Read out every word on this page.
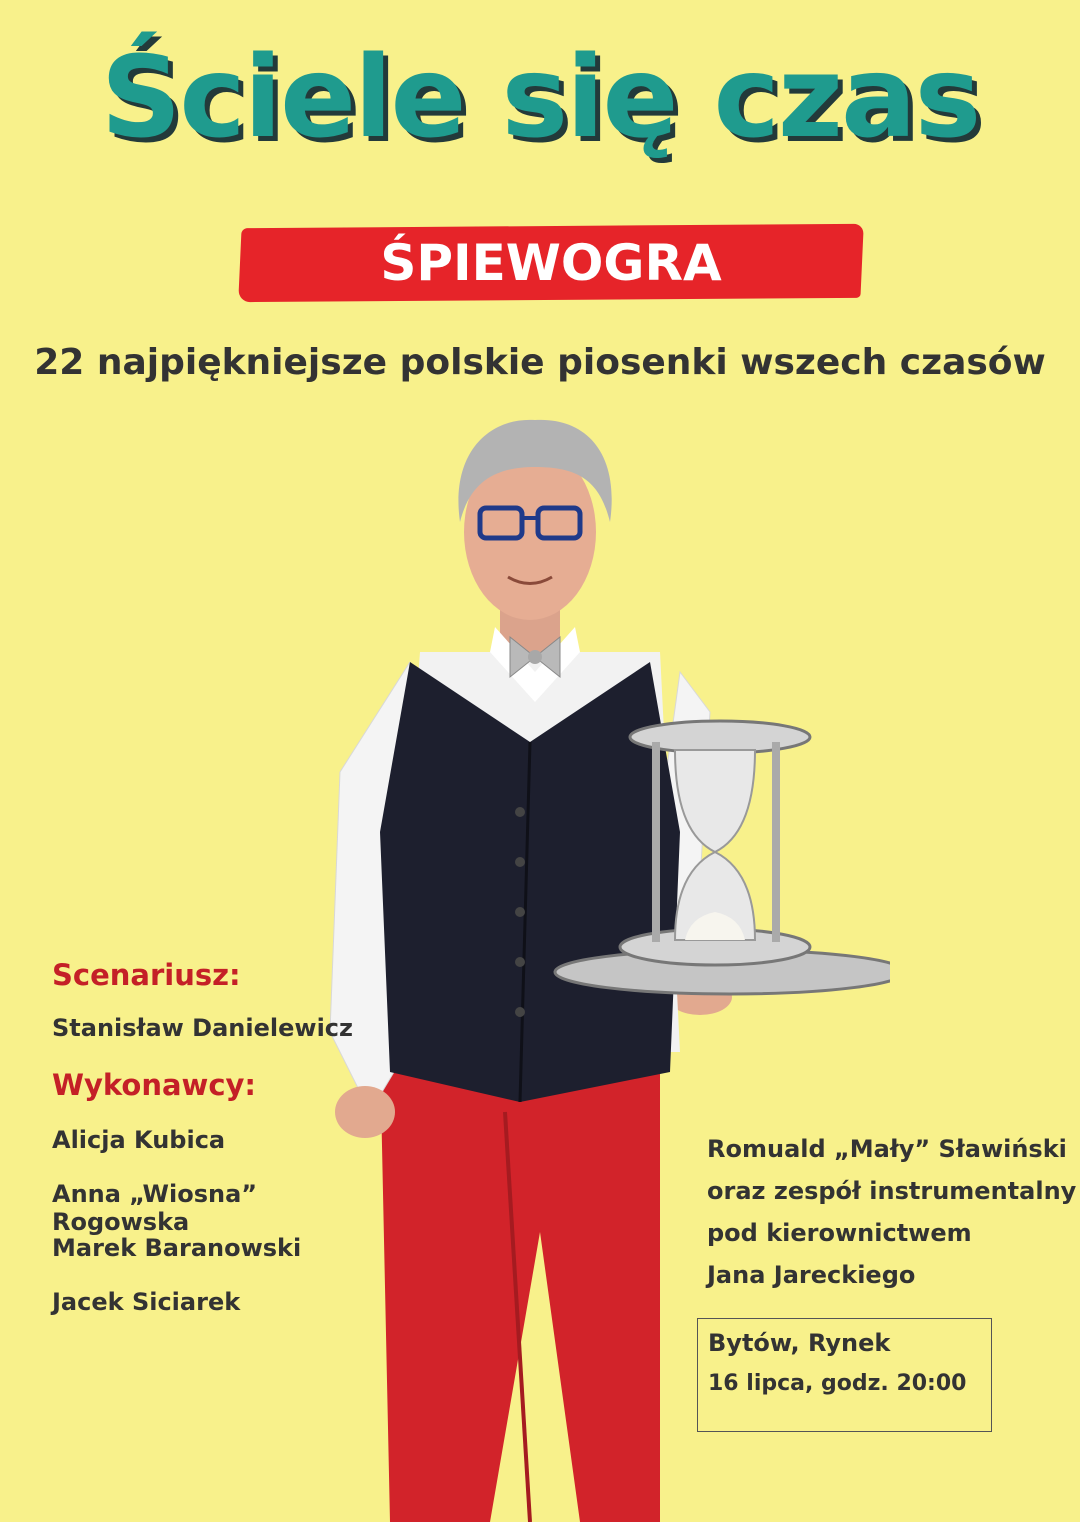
Ściele się czas
ŚPIEWOGRA
22 najpiękniejsze polskie piosenki wszech czasów
Scenariusz:
Stanisław Danielewicz
Wykonawcy:
Alicja Kubica
Anna „Wiosna” Rogowska
Marek Baranowski
Jacek Siciarek
Romuald „Mały” Sławiński
oraz zespół instrumentalny
pod kierownictwem
Jana Jareckiego
Bytów, Rynek
16 lipca, godz. 20:00
